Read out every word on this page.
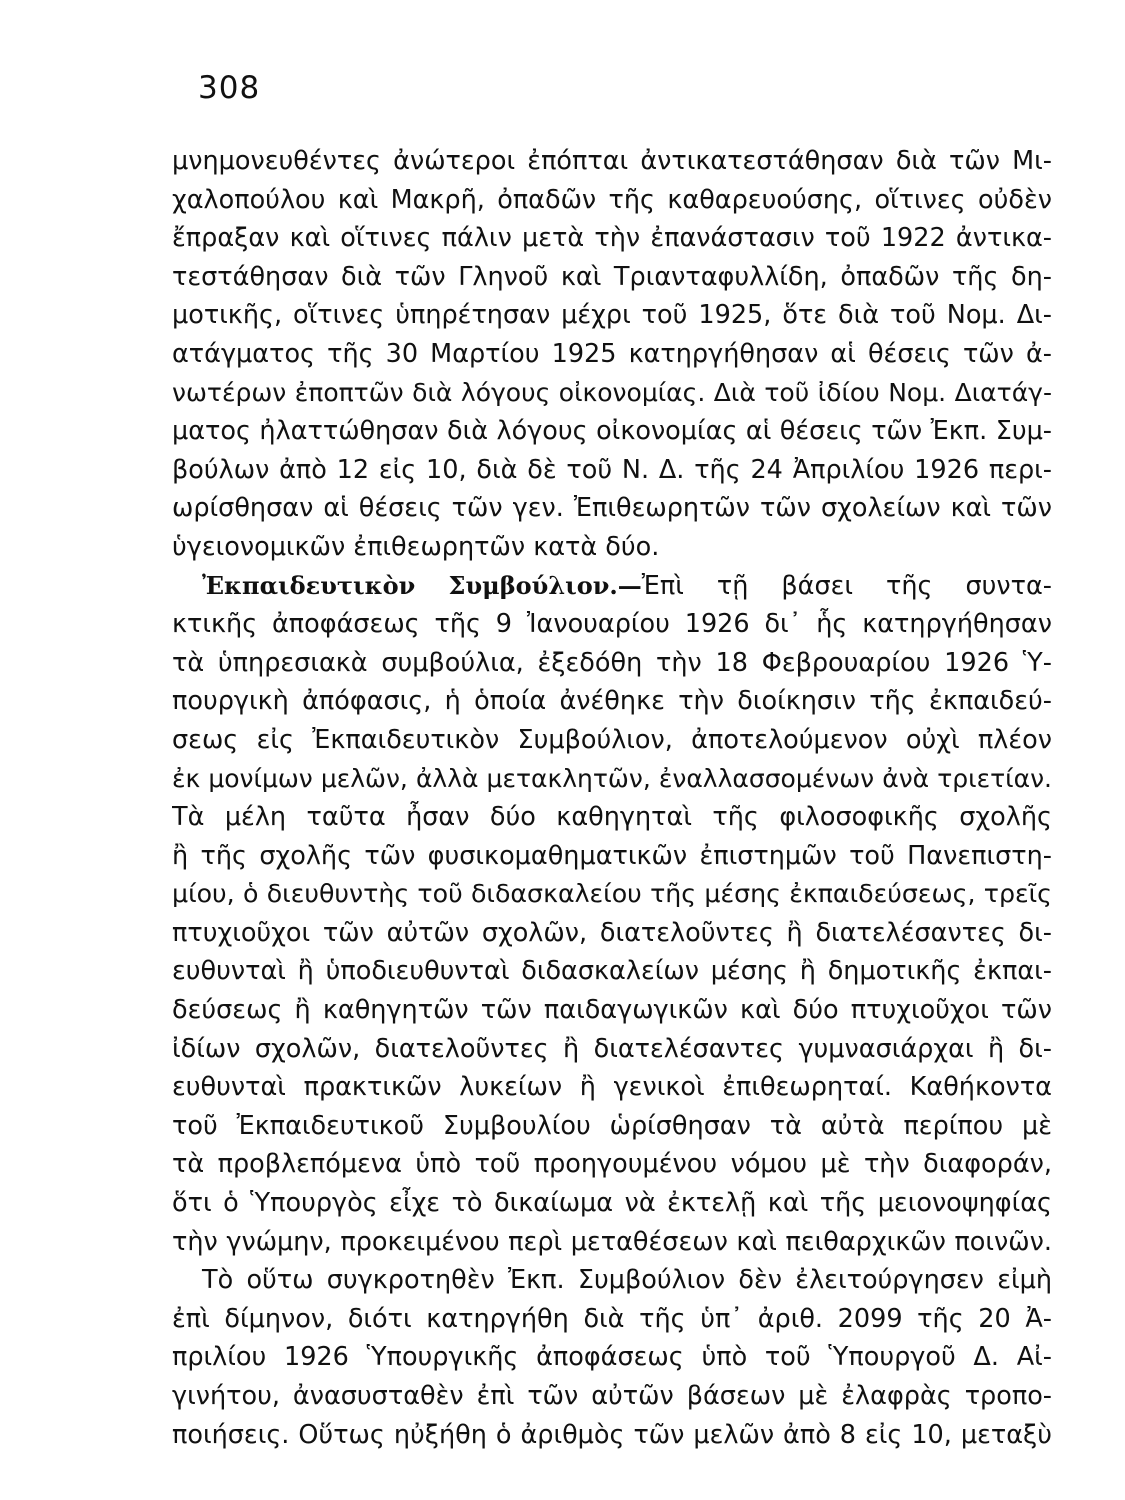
308
μνημονευθέντες ἀνώτεροι ἐπόπται ἀντικατεστάθησαν διὰ τῶν Μι-
χαλοπούλου καὶ Μακρῆ, ὀπαδῶν τῆς καθαρευούσης, οἵτινες οὐδὲν
ἔπραξαν καὶ οἵτινες πάλιν μετὰ τὴν ἐπανάστασιν τοῦ 1922 ἀντικα-
τεστάθησαν διὰ τῶν Γληνοῦ καὶ Τριανταφυλλίδη, ὀπαδῶν τῆς δη-
μοτικῆς, οἵτινες ὑπηρέτησαν μέχρι τοῦ 1925, ὅτε διὰ τοῦ Νομ. Δι-
ατάγματος τῆς 30 Μαρτίου 1925 κατηργήθησαν αἱ θέσεις τῶν ἀ-
νωτέρων ἐποπτῶν διὰ λόγους οἰκονομίας. Διὰ τοῦ ἰδίου Νομ. Διατάγ-
ματος ἠλαττώθησαν διὰ λόγους οἰκονομίας αἱ θέσεις τῶν Ἐκπ. Συμ-
βούλων ἀπὸ 12 εἰς 10, διὰ δὲ τοῦ Ν. Δ. τῆς 24 Ἀπριλίου 1926 περι-
ωρίσθησαν αἱ θέσεις τῶν γεν. Ἐπιθεωρητῶν τῶν σχολείων καὶ τῶν
ὑγειονομικῶν ἐπιθεωρητῶν κατὰ δύο.
Ἐκπαιδευτικὸν Συμβούλιον.—Ἐπὶ τῇ βάσει τῆς συντα-
κτικῆς ἀποφάσεως τῆς 9 Ἰανουαρίου 1926 δι᾽ ἧς κατηργήθησαν
τὰ ὑπηρεσιακὰ συμβούλια, ἐξεδόθη τὴν 18 Φεβρουαρίου 1926 Ὑ-
πουργικὴ ἀπόφασις, ἡ ὁποία ἀνέθηκε τὴν διοίκησιν τῆς ἐκπαιδεύ-
σεως εἰς Ἐκπαιδευτικὸν Συμβούλιον, ἀποτελούμενον οὐχὶ πλέον
ἐκ μονίμων μελῶν, ἀλλὰ μετακλητῶν, ἐναλλασσομένων ἀνὰ τριετίαν.
Τὰ μέλη ταῦτα ἦσαν δύο καθηγηταὶ τῆς φιλοσοφικῆς σχολῆς
ἢ τῆς σχολῆς τῶν φυσικομαθηματικῶν ἐπιστημῶν τοῦ Πανεπιστη-
μίου, ὁ διευθυντὴς τοῦ διδασκαλείου τῆς μέσης ἐκπαιδεύσεως, τρεῖς
πτυχιοῦχοι τῶν αὐτῶν σχολῶν, διατελοῦντες ἢ διατελέσαντες δι-
ευθυνταὶ ἢ ὑποδιευθυνταὶ διδασκαλείων μέσης ἢ δημοτικῆς ἐκπαι-
δεύσεως ἢ καθηγητῶν τῶν παιδαγωγικῶν καὶ δύο πτυχιοῦχοι τῶν
ἰδίων σχολῶν, διατελοῦντες ἢ διατελέσαντες γυμνασιάρχαι ἢ δι-
ευθυνταὶ πρακτικῶν λυκείων ἢ γενικοὶ ἐπιθεωρηταί. Καθήκοντα
τοῦ Ἐκπαιδευτικοῦ Συμβουλίου ὡρίσθησαν τὰ αὐτὰ περίπου μὲ
τὰ προβλεπόμενα ὑπὸ τοῦ προηγουμένου νόμου μὲ τὴν διαφοράν,
ὅτι ὁ Ὑπουργὸς εἶχε τὸ δικαίωμα νὰ ἐκτελῇ καὶ τῆς μειονοψηφίας
τὴν γνώμην, προκειμένου περὶ μεταθέσεων καὶ πειθαρχικῶν ποινῶν.
Τὸ οὕτω συγκροτηθὲν Ἐκπ. Συμβούλιον δὲν ἐλειτούργησεν εἰμὴ
ἐπὶ δίμηνον, διότι κατηργήθη διὰ τῆς ὑπ᾽ ἀριθ. 2099 τῆς 20 Ἀ-
πριλίου 1926 Ὑπουργικῆς ἀποφάσεως ὑπὸ τοῦ Ὑπουργοῦ Δ. Αἰ-
γινήτου, ἀνασυσταθὲν ἐπὶ τῶν αὐτῶν βάσεων μὲ ἐλαφρὰς τροπο-
ποιήσεις. Οὕτως ηὐξήθη ὁ ἀριθμὸς τῶν μελῶν ἀπὸ 8 εἰς 10, μεταξὺ
